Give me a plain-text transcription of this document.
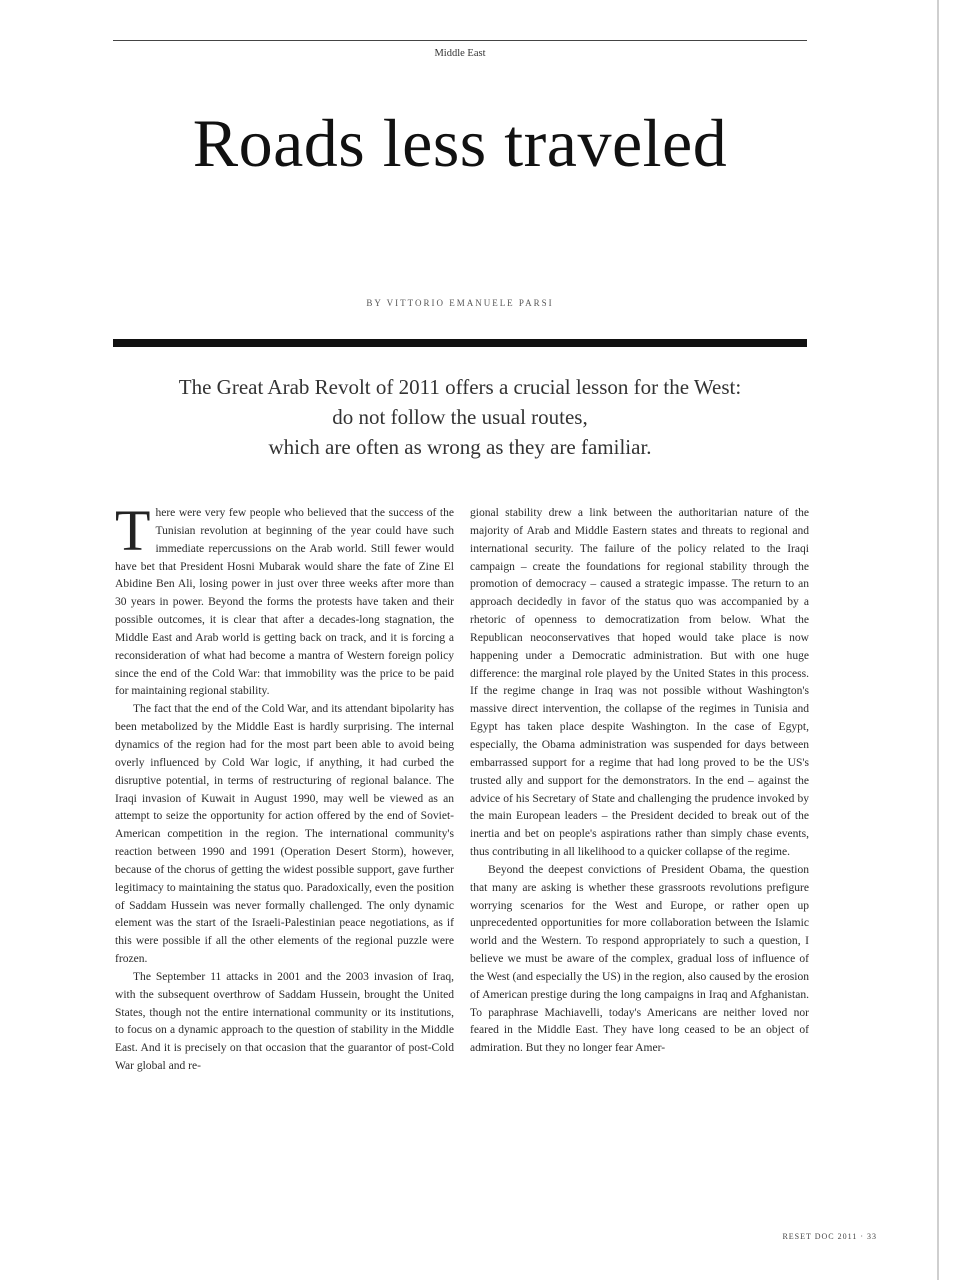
Middle East
Roads less traveled
BY VITTORIO EMANUELE PARSI
The Great Arab Revolt of 2011 offers a crucial lesson for the West:
do not follow the usual routes,
which are often as wrong as they are familiar.

There were very few people who believed that the success of the Tunisian revolution at beginning of the year could have such immediate repercussions on the Arab world. Still fewer would have bet that President Hosni Mubarak would share the fate of Zine El Abidine Ben Ali, losing power in just over three weeks after more than 30 years in power. Beyond the forms the protests have taken and their possible outcomes, it is clear that after a decades-long stagnation, the Middle East and Arab world is getting back on track, and it is forcing a reconsideration of what had become a mantra of Western foreign policy since the end of the Cold War: that immobility was the price to be paid for maintaining regional stability.

The fact that the end of the Cold War, and its attendant bipolarity has been metabolized by the Middle East is hardly surprising. The internal dynamics of the region had for the most part been able to avoid being overly influenced by Cold War logic, if anything, it had curbed the disruptive potential, in terms of restructuring of regional balance. The Iraqi invasion of Kuwait in August 1990, may well be viewed as an attempt to seize the opportunity for action offered by the end of Soviet-American competition in the region. The international community's reaction between 1990 and 1991 (Operation Desert Storm), however, because of the chorus of getting the widest possible support, gave further legitimacy to maintaining the status quo. Paradoxically, even the position of Saddam Hussein was never formally challenged. The only dynamic element was the start of the Israeli-Palestinian peace negotiations, as if this were possible if all the other elements of the regional puzzle were frozen.

The September 11 attacks in 2001 and the 2003 invasion of Iraq, with the subsequent overthrow of Saddam Hussein, brought the United States, though not the entire international community or its institutions, to focus on a dynamic approach to the question of stability in the Middle East. And it is precisely on that occasion that the guarantor of post-Cold War global and re-

gional stability drew a link between the authoritarian nature of the majority of Arab and Middle Eastern states and threats to regional and international security. The failure of the policy related to the Iraqi campaign – create the foundations for regional stability through the promotion of democracy – caused a strategic impasse. The return to an approach decidedly in favor of the status quo was accompanied by a rhetoric of openness to democratization from below. What the Republican neoconservatives that hoped would take place is now happening under a Democratic administration. But with one huge difference: the marginal role played by the United States in this process. If the regime change in Iraq was not possible without Washington's massive direct intervention, the collapse of the regimes in Tunisia and Egypt has taken place despite Washington. In the case of Egypt, especially, the Obama administration was suspended for days between embarrassed support for a regime that had long proved to be the US's trusted ally and support for the demonstrators. In the end – against the advice of his Secretary of State and challenging the prudence invoked by the main European leaders – the President decided to break out of the inertia and bet on people's aspirations rather than simply chase events, thus contributing in all likelihood to a quicker collapse of the regime.

Beyond the deepest convictions of President Obama, the question that many are asking is whether these grassroots revolutions prefigure worrying scenarios for the West and Europe, or rather open up unprecedented opportunities for more collaboration between the Islamic world and the Western. To respond appropriately to such a question, I believe we must be aware of the complex, gradual loss of influence of the West (and especially the US) in the region, also caused by the erosion of American prestige during the long campaigns in Iraq and Afghanistan. To paraphrase Machiavelli, today's Americans are neither loved nor feared in the Middle East. They have long ceased to be an object of admiration. But they no longer fear Amer-

RESET DOC 2011 · 33
